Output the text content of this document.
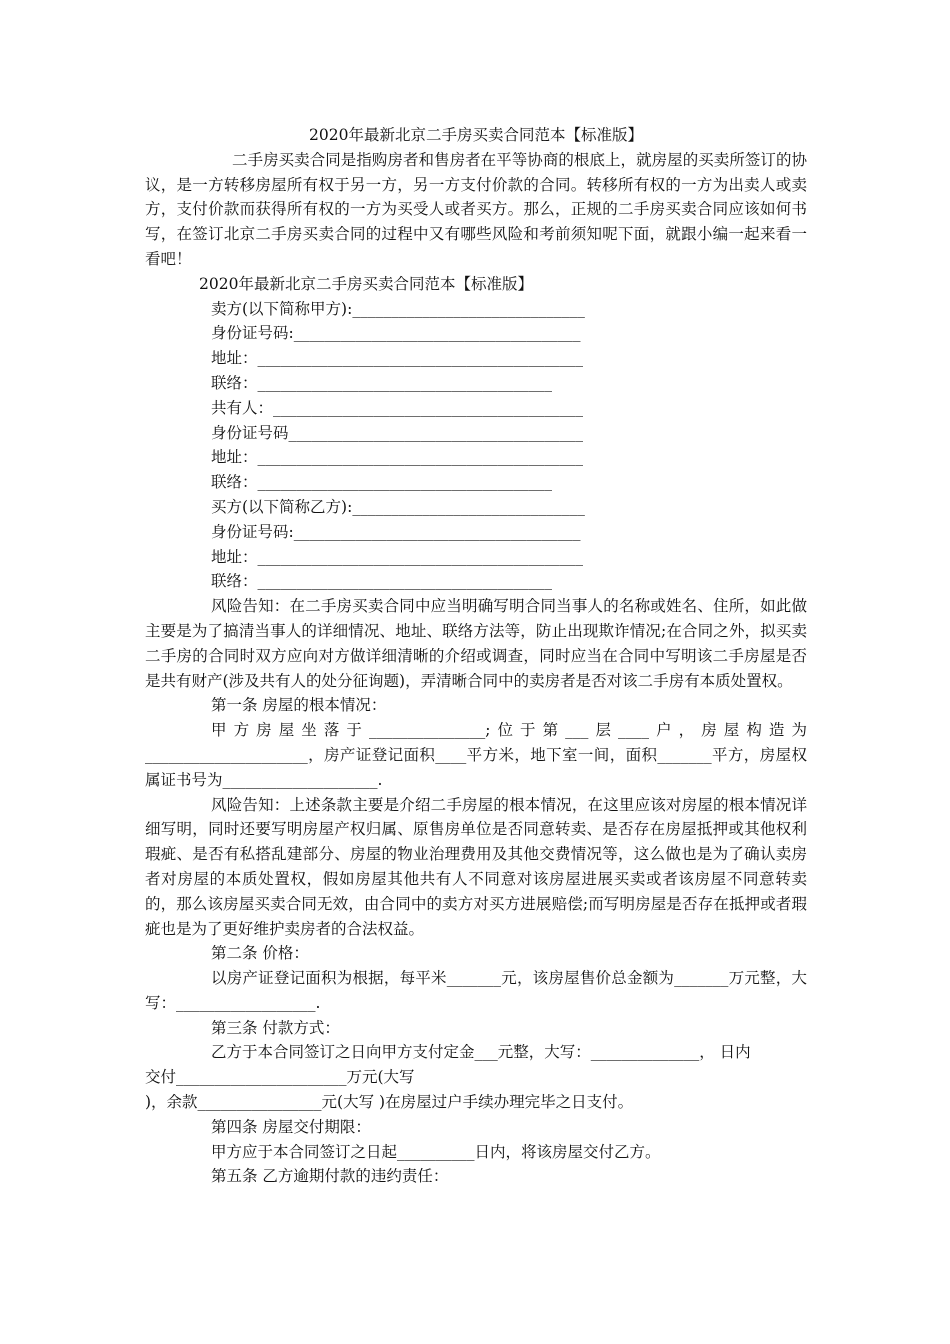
2020年最新北京二手房买卖合同范本【标准版】

二手房买卖合同是指购房者和售房者在平等协商的根底上，就房屋的买卖所签订的协议，是一方转移房屋所有权于另一方，另一方支付价款的合同。转移所有权的一方为出卖人或卖方，支付价款而获得所有权的一方为买受人或者买方。那么，正规的二手房买卖合同应该如何书写，在签订北京二手房买卖合同的过程中又有哪些风险和考前须知呢下面，就跟小编一起来看一看吧！

2020年最新北京二手房买卖合同范本【标准版】

卖方(以下简称甲方):______________________________

身份证号码:_____________________________________

地址：__________________________________________

联络：______________________________________

共有人：________________________________________

身份证号码______________________________________

地址：__________________________________________

联络：______________________________________

买方(以下简称乙方):______________________________

身份证号码:_____________________________________

地址：__________________________________________

联络：______________________________________

风险告知：在二手房买卖合同中应当明确写明合同当事人的名称或姓名、住所，如此做主要是为了搞清当事人的详细情况、地址、联络方法等，防止出现欺诈情况;在合同之外，拟买卖二手房的合同时双方应向对方做详细清晰的介绍或调查，同时应当在合同中写明该二手房屋是否是共有财产(涉及共有人的处分征询题)，弄清晰合同中的卖房者是否对该二手房有本质处置权。

第一条 房屋的根本情况：

甲方房屋坐落于_______________;位于第___层____户，房屋构造为_____________________，房产证登记面积____平方米，地下室一间，面积_______平方，房屋权属证书号为____________________.

风险告知：上述条款主要是介绍二手房屋的根本情况，在这里应该对房屋的根本情况详细写明，同时还要写明房屋产权归属、原售房单位是否同意转卖、是否存在房屋抵押或其他权利瑕疵、是否有私搭乱建部分、房屋的物业治理费用及其他交费情况等，这么做也是为了确认卖房者对房屋的本质处置权，假如房屋其他共有人不同意对该房屋进展买卖或者该房屋不同意转卖的，那么该房屋买卖合同无效，由合同中的卖方对买方进展赔偿;而写明房屋是否存在抵押或者瑕疵也是为了更好维护卖房者的合法权益。

第二条 价格：

以房产证登记面积为根据，每平米_______元，该房屋售价总金额为_______万元整，大写：__________________.

第三条 付款方式：

乙方于本合同签订之日向甲方支付定金___元整，大写：______________， 日内

交付______________________万元(大写

)，余款________________元(大写 )在房屋过户手续办理完毕之日支付。

第四条 房屋交付期限：

甲方应于本合同签订之日起__________日内，将该房屋交付乙方。

第五条 乙方逾期付款的违约责任：
